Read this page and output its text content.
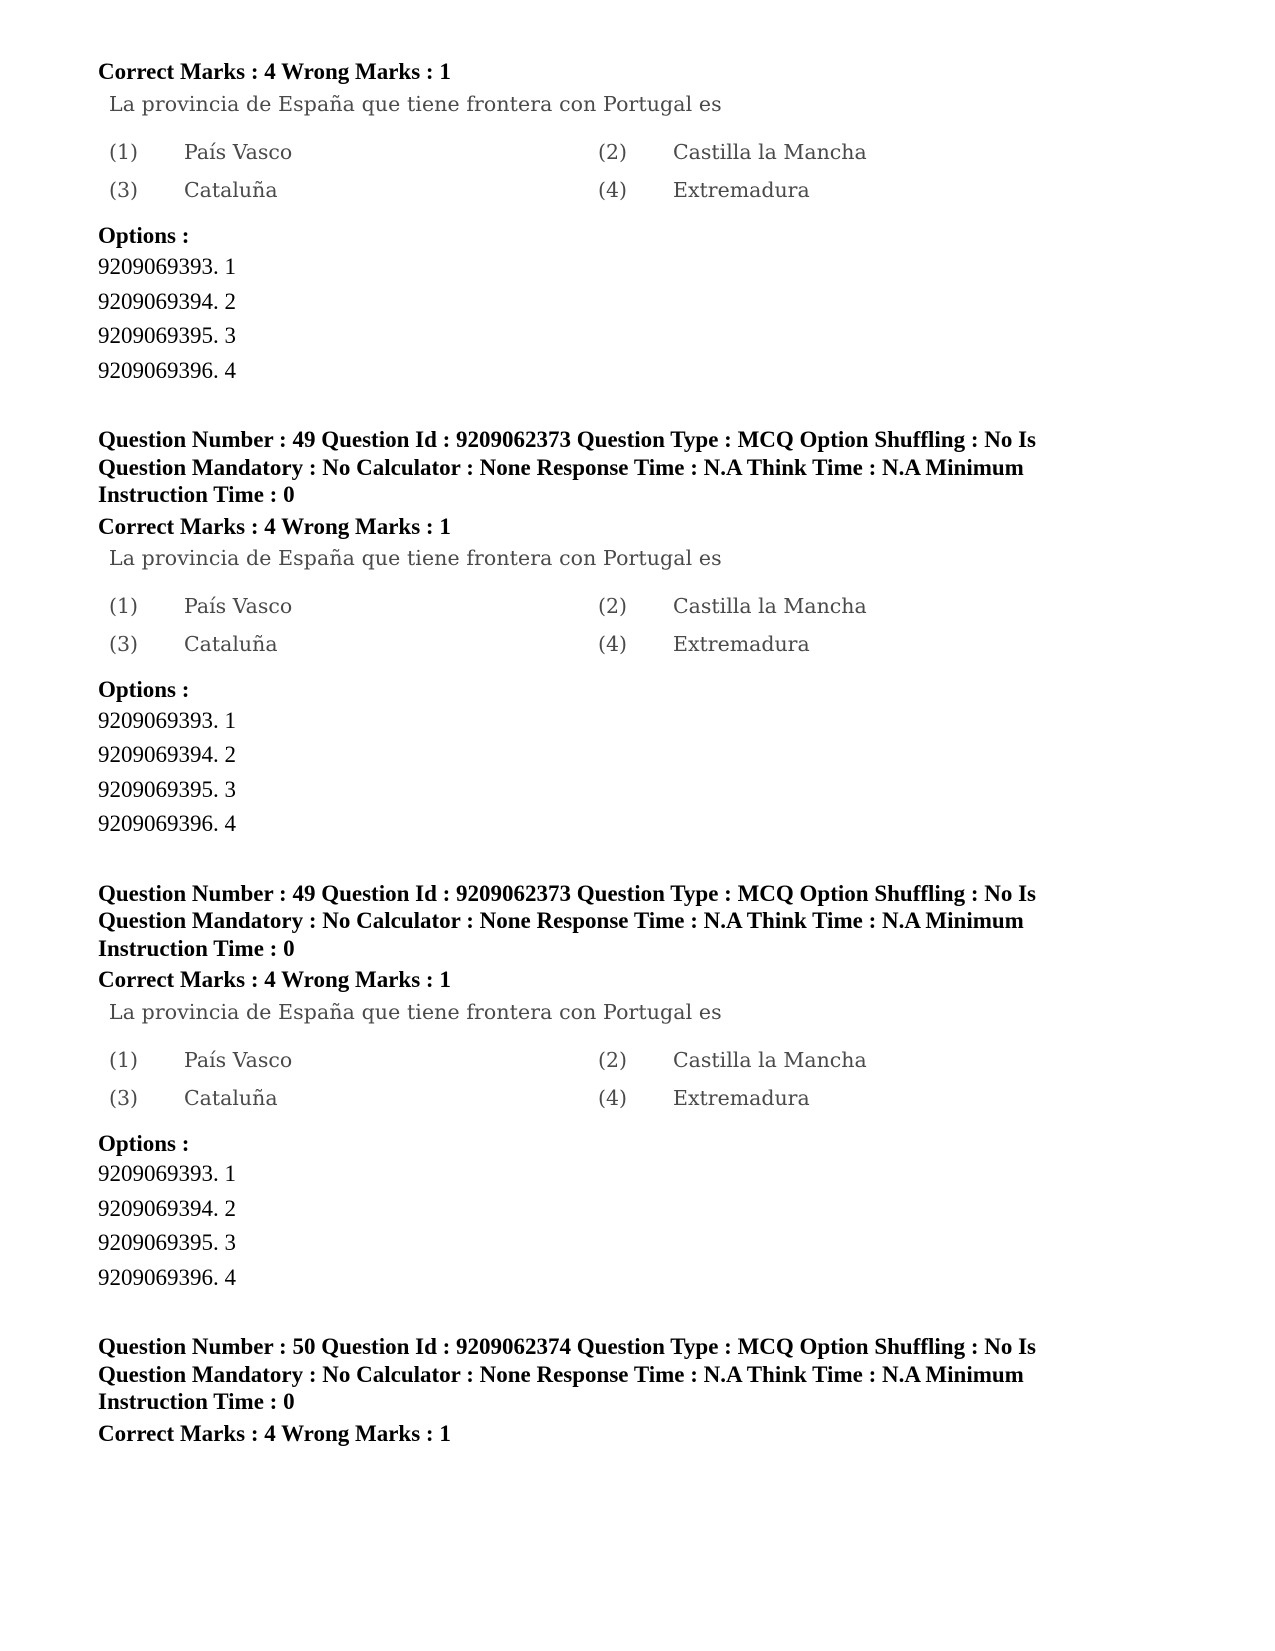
Correct Marks : 4 Wrong Marks : 1
La provincia de España que tiene frontera con Portugal es
(1) País Vasco	(2) Castilla la Mancha
(3) Cataluña	(4) Extremadura
Options :
9209069393. 1
9209069394. 2
9209069395. 3
9209069396. 4
Question Number : 49 Question Id : 9209062373 Question Type : MCQ Option Shuffling : No Is
Question Mandatory : No Calculator : None Response Time : N.A Think Time : N.A Minimum
Instruction Time : 0
Correct Marks : 4 Wrong Marks : 1
La provincia de España que tiene frontera con Portugal es
(1) País Vasco	(2) Castilla la Mancha
(3) Cataluña	(4) Extremadura
Options :
9209069393. 1
9209069394. 2
9209069395. 3
9209069396. 4
Question Number : 49 Question Id : 9209062373 Question Type : MCQ Option Shuffling : No Is
Question Mandatory : No Calculator : None Response Time : N.A Think Time : N.A Minimum
Instruction Time : 0
Correct Marks : 4 Wrong Marks : 1
La provincia de España que tiene frontera con Portugal es
(1) País Vasco	(2) Castilla la Mancha
(3) Cataluña	(4) Extremadura
Options :
9209069393. 1
9209069394. 2
9209069395. 3
9209069396. 4
Question Number : 50 Question Id : 9209062374 Question Type : MCQ Option Shuffling : No Is
Question Mandatory : No Calculator : None Response Time : N.A Think Time : N.A Minimum
Instruction Time : 0
Correct Marks : 4 Wrong Marks : 1
